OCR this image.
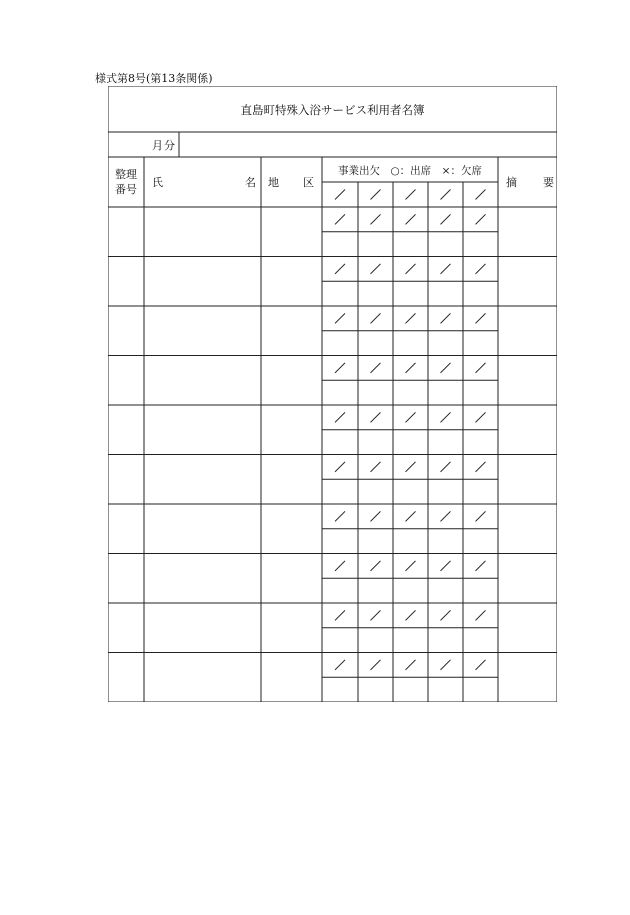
様式第8号(第13条関係)
直島町特殊入浴サービス利用者名簿
月分
整理
番号
氏	名 地 区
事業出欠　○：出席　×：欠席
摘 要
